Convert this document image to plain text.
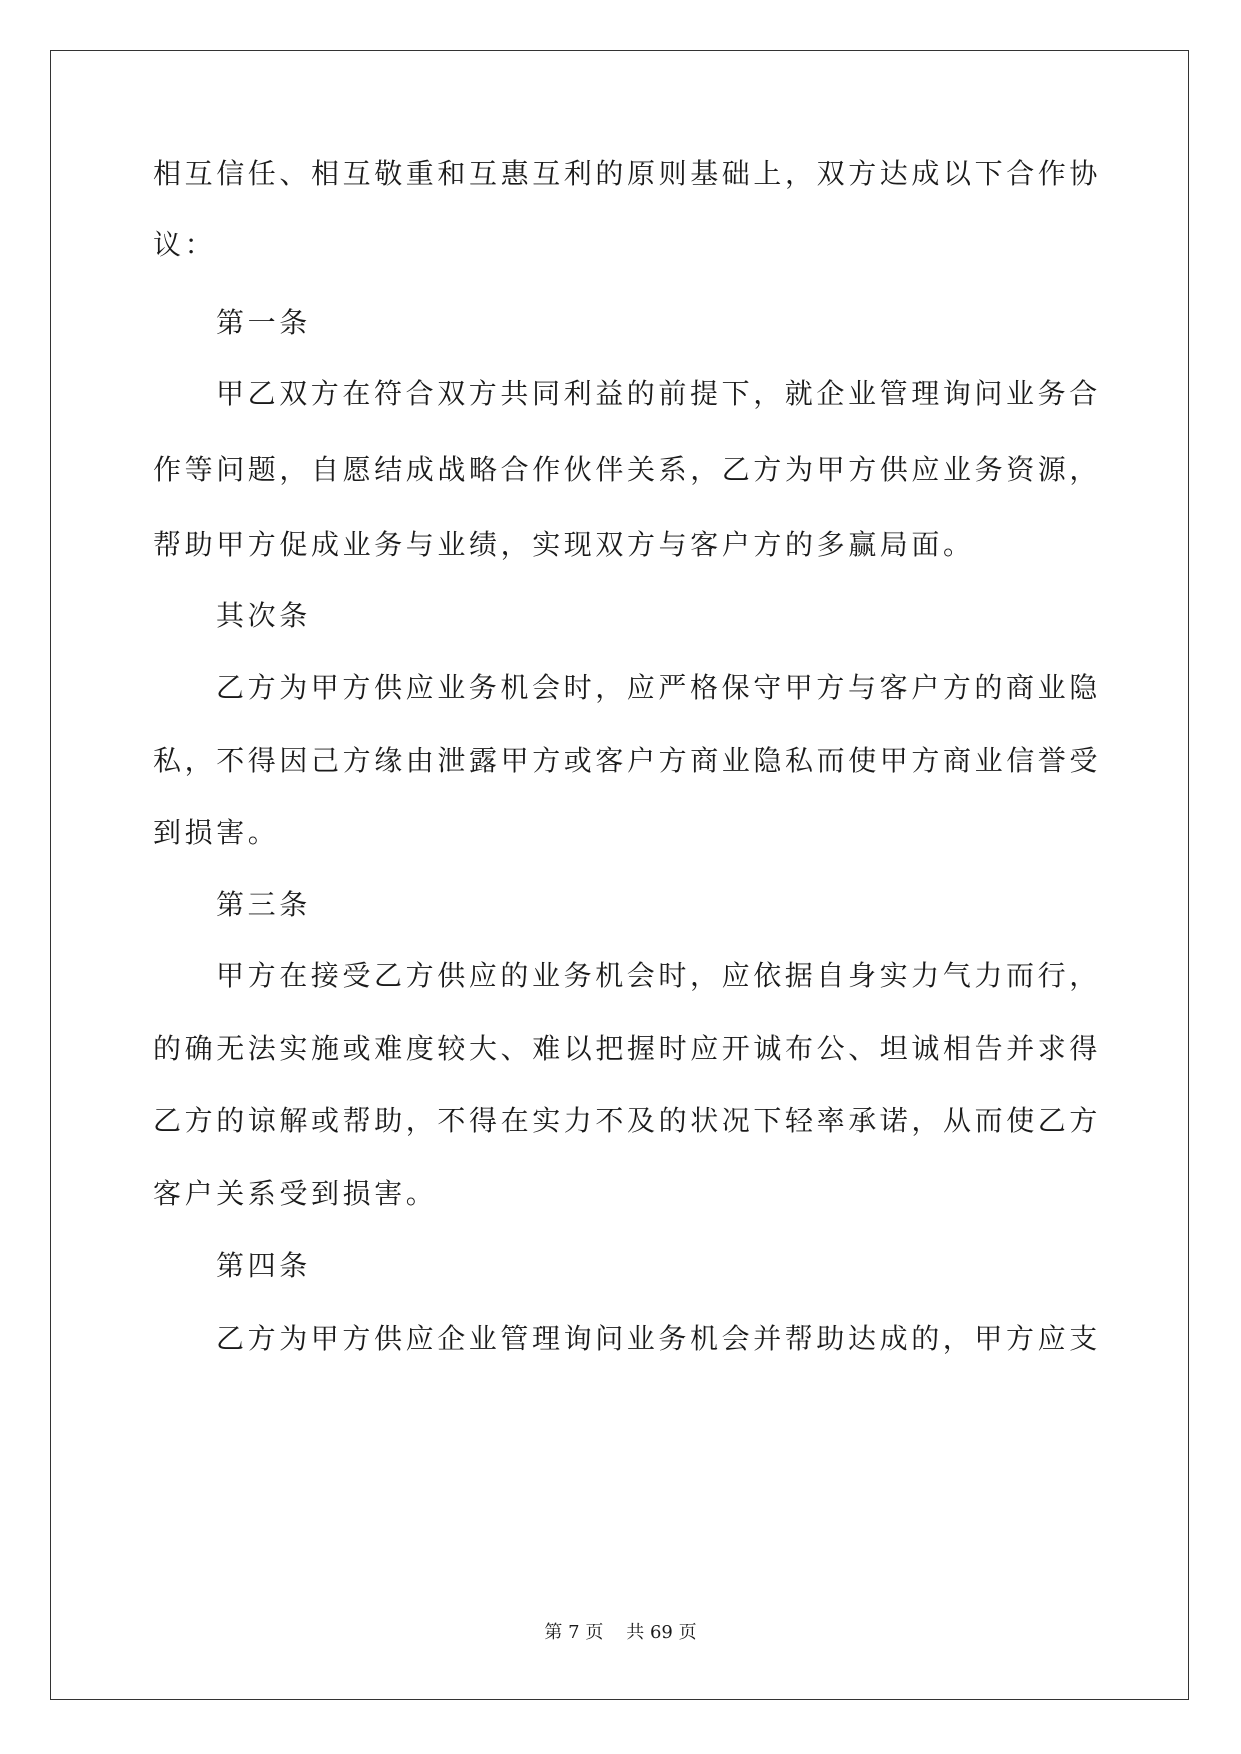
相互信任、相互敬重和互惠互利的原则基础上，双方达成以下合作协
议：
第一条
甲乙双方在符合双方共同利益的前提下，就企业管理询问业务合
作等问题，自愿结成战略合作伙伴关系，乙方为甲方供应业务资源，
帮助甲方促成业务与业绩，实现双方与客户方的多赢局面。
其次条
乙方为甲方供应业务机会时，应严格保守甲方与客户方的商业隐
私，不得因己方缘由泄露甲方或客户方商业隐私而使甲方商业信誉受
到损害。
第三条
甲方在接受乙方供应的业务机会时，应依据自身实力气力而行，
的确无法实施或难度较大、难以把握时应开诚布公、坦诚相告并求得
乙方的谅解或帮助，不得在实力不及的状况下轻率承诺，从而使乙方
客户关系受到损害。
第四条
乙方为甲方供应企业管理询问业务机会并帮助达成的，甲方应支
第 7 页 共 69 页
